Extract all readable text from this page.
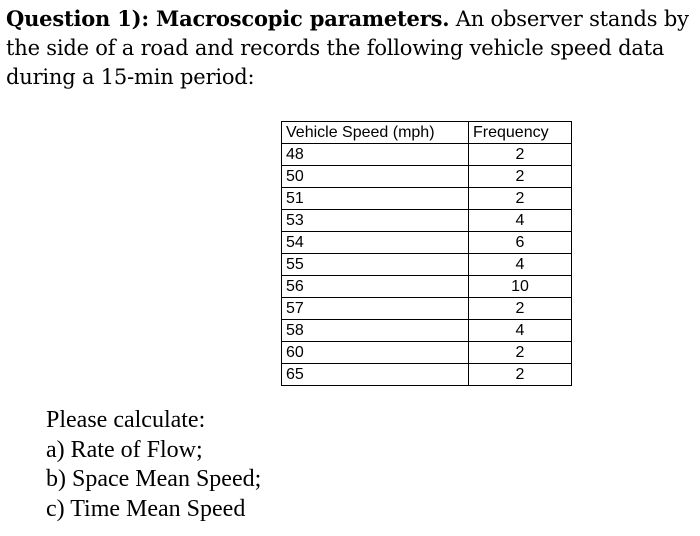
Question 1): Macroscopic parameters. An observer stands by the side of a road and records the following vehicle speed data during a 15-min period:
Vehicle Speed (mph)	Frequency
48	2
50	2
51	2
53	4
54	6
55	4
56	10
57	2
58	4
60	2
65	2
Please calculate:
a) Rate of Flow;
b) Space Mean Speed;
c) Time Mean Speed
